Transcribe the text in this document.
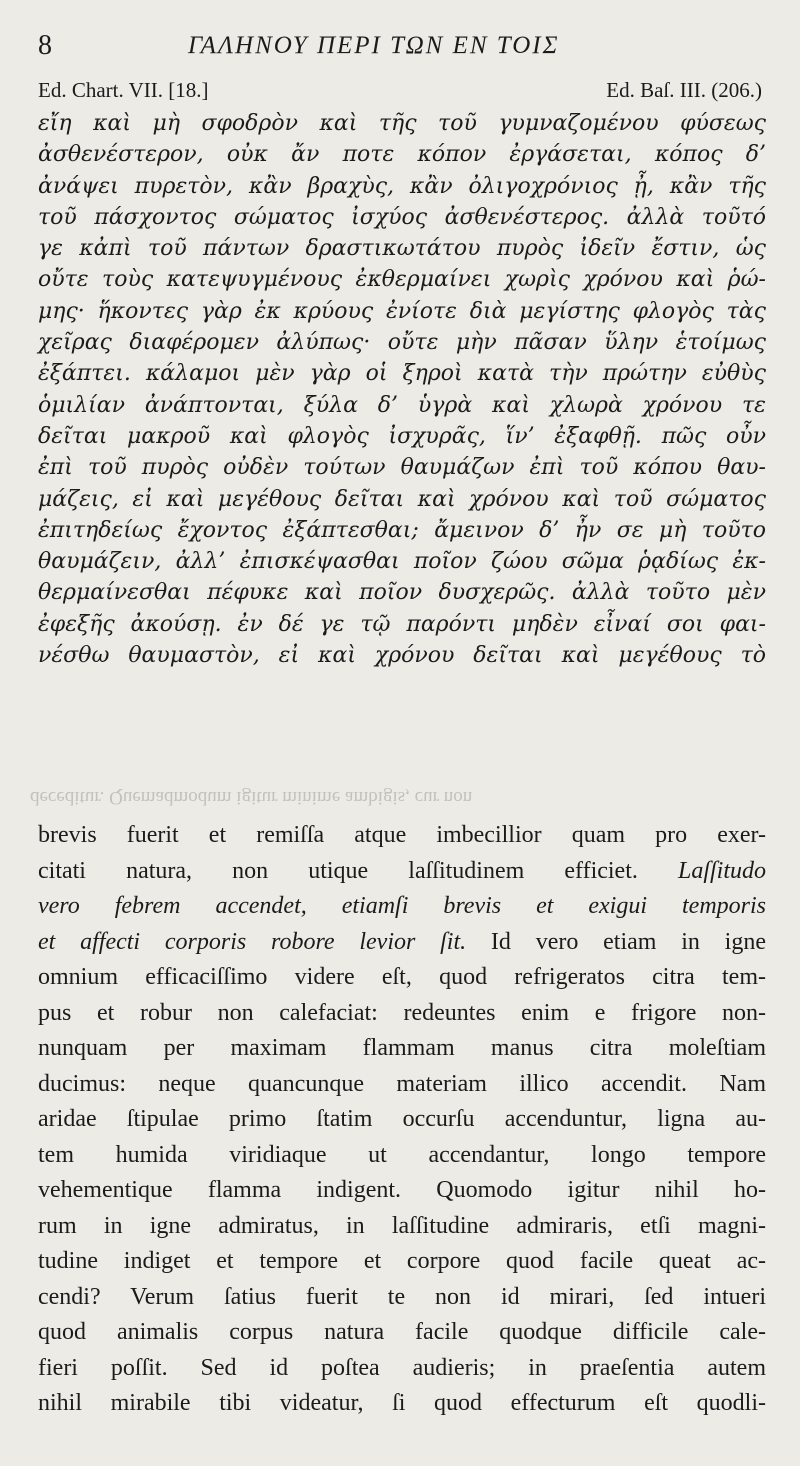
8	ΓΑΛΗΝΟΥ ΠΕΡΙ ΤΩΝ ΕΝ ΤΟΙΣ
Ed. Chart. VII. [18.]	Ed. Baſ. III. (206.)
εἴη καὶ μὴ σφοδρὸν καὶ τῆς τοῦ γυμναζομένου φύσεως
ἀσθενέστερον, οὐκ ἄν ποτε κόπον ἐργάσεται, κόπος δ’
ἀνάψει πυρετὸν, κἂν βραχὺς, κἂν ὀλιγοχρόνιος ᾖ, κἂν τῆς
τοῦ πάσχοντος σώματος ἰσχύος ἀσθενέστερος. ἀλλὰ τοῦτό
γε κἀπὶ τοῦ πάντων δραστικωτάτου πυρὸς ἰδεῖν ἔστιν, ὡς
οὔτε τοὺς κατεψυγμένους ἐκθερμαίνει χωρὶς χρόνου καὶ ῥώ-
μης· ἥκοντες γὰρ ἐκ κρύους ἐνίοτε διὰ μεγίστης φλογὸς τὰς
χεῖρας διαφέρομεν ἀλύπως· οὔτε μὴν πᾶσαν ὕλην ἑτοίμως
ἐξάπτει. κάλαμοι μὲν γὰρ οἱ ξηροὶ κατὰ τὴν πρώτην εὐθὺς
ὁμιλίαν ἀνάπτονται, ξύλα δ’ ὑγρὰ καὶ χλωρὰ χρόνου τε
δεῖται μακροῦ καὶ φλογὸς ἰσχυρᾶς, ἵν’ ἐξαφθῇ. πῶς οὖν
ἐπὶ τοῦ πυρὸς οὐδὲν τούτων θαυμάζων ἐπὶ τοῦ κόπου θαυ-
μάζεις, εἰ καὶ μεγέθους δεῖται καὶ χρόνου καὶ τοῦ σώματος
ἐπιτηδείως ἔχοντος ἐξάπτεσθαι; ἄμεινον δ’ ἦν σε μὴ τοῦτο
θαυμάζειν, ἀλλ’ ἐπισκέψασθαι ποῖον ζώου σῶμα ῥᾳδίως ἐκ-
θερμαίνεσθαι πέφυκε καὶ ποῖον δυσχερῶς. ἀλλὰ τοῦτο μὲν
ἐφεξῆς ἀκούσῃ. ἐν δέ γε τῷ παρόντι μηδὲν εἶναί σοι φαι-
νέσθω θαυμαστὸν, εἰ καὶ χρόνου δεῖται καὶ μεγέθους τὸ
deceditur. Quemadmodum igitur minime ambigis, cur non
brevis fuerit et remiſſa atque imbecillior quam pro exer-
citati natura, non utique laſſitudinem efficiet. Laſſitudo
vero febrem accendet, etiamſi brevis et exigui temporis
et affecti corporis robore levior ſit. Id vero etiam in igne
omnium efficaciſſimo videre eſt, quod refrigeratos citra tem-
pus et robur non calefaciat: redeuntes enim e frigore non-
nunquam per maximam flammam manus citra moleſtiam
ducimus: neque quancunque materiam illico accendit. Nam
aridae ſtipulae primo ſtatim occurſu accenduntur, ligna au-
tem humida viridiaque ut accendantur, longo tempore
vehementique flamma indigent. Quomodo igitur nihil ho-
rum in igne admiratus, in laſſitudine admiraris, etſi magni-
tudine indiget et tempore et corpore quod facile queat ac-
cendi? Verum ſatius fuerit te non id mirari, ſed intueri
quod animalis corpus natura facile quodque difficile cale-
fieri poſſit. Sed id poſtea audieris; in praeſentia autem
nihil mirabile tibi videatur, ſi quod effecturum eſt quodli-
